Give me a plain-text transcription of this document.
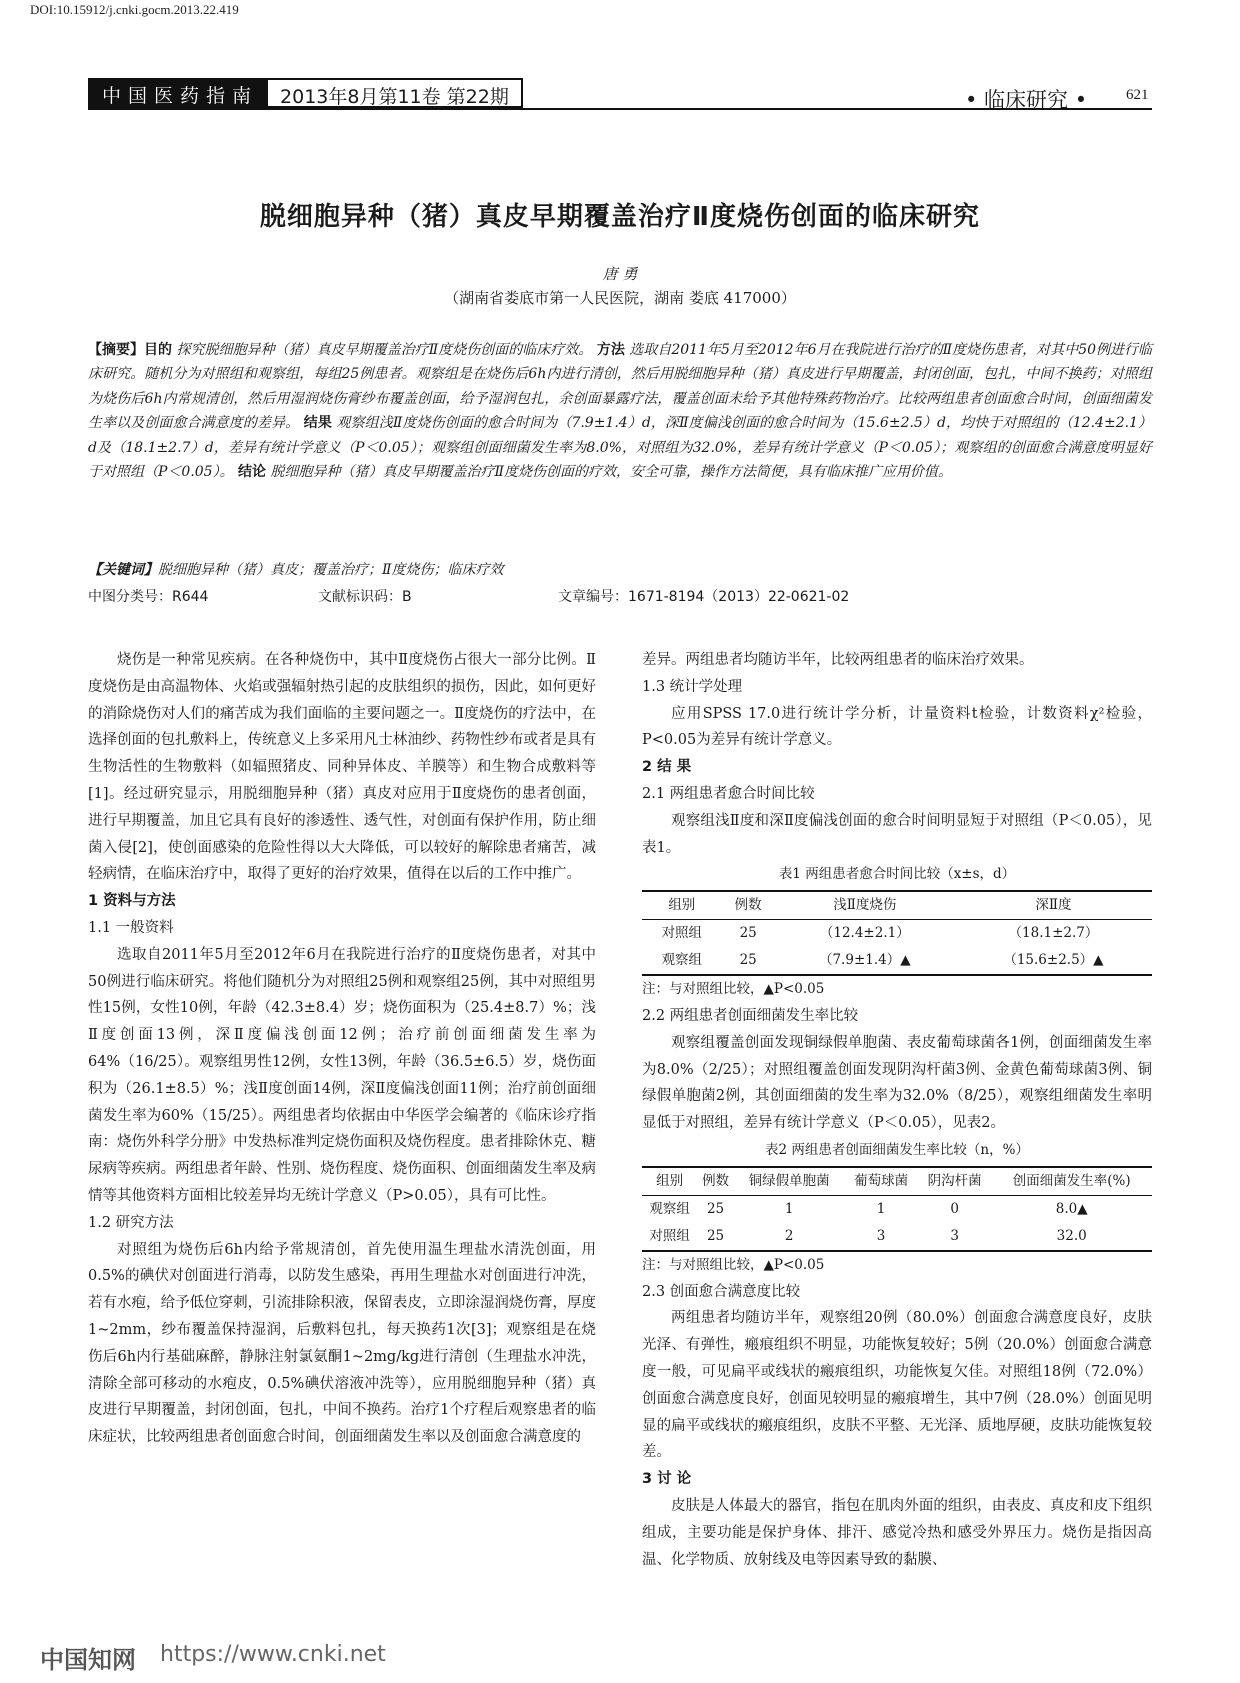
DOI:10.15912/j.cnki.gocm.2013.22.419
中国医药指南	2013年8月第11卷 第22期	• 临床研究 •	621
脱细胞异种（猪）真皮早期覆盖治疗Ⅱ度烧伤创面的临床研究
唐 勇
（湖南省娄底市第一人民医院，湖南 娄底 417000）
【摘要】目的 探究脱细胞异种（猪）真皮早期覆盖治疗Ⅱ度烧伤创面的临床疗效。 方法 选取自2011年5月至2012年6月在我院进行治疗的Ⅱ度烧伤患者，对其中50例进行临床研究。随机分为对照组和观察组，每组25例患者。观察组是在烧伤后6h内进行清创，然后用脱细胞异种（猪）真皮进行早期覆盖，封闭创面，包扎，中间不换药；对照组为烧伤后6h内常规清创，然后用湿润烧伤膏纱布覆盖创面，给予湿润包扎，余创面暴露疗法，覆盖创面未给予其他特殊药物治疗。比较两组患者创面愈合时间，创面细菌发生率以及创面愈合满意度的差异。 结果 观察组浅Ⅱ度烧伤创面的愈合时间为（7.9±1.4）d，深Ⅱ度偏浅创面的愈合时间为（15.6±2.5）d，均快于对照组的（12.4±2.1）d及（18.1±2.7）d，差异有统计学意义（P＜0.05）；观察组创面细菌发生率为8.0%，对照组为32.0%，差异有统计学意义（P＜0.05）；观察组的创面愈合满意度明显好于对照组（P＜0.05）。 结论 脱细胞异种（猪）真皮早期覆盖治疗Ⅱ度烧伤创面的疗效，安全可靠，操作方法简便，具有临床推广应用价值。
【关键词】脱细胞异种（猪）真皮；覆盖治疗；Ⅱ度烧伤；临床疗效
中图分类号：R644	文献标识码：B	文章编号：1671-8194（2013）22-0621-02

烧伤是一种常见疾病。在各种烧伤中，其中Ⅱ度烧伤占很大一部分比例。Ⅱ度烧伤是由高温物体、火焰或强辐射热引起的皮肤组织的损伤，因此，如何更好的消除烧伤对人们的痛苦成为我们面临的主要问题之一。Ⅱ度烧伤的疗法中，在选择创面的包扎敷料上，传统意义上多采用凡士林油纱、药物性纱布或者是具有生物活性的生物敷料（如辐照猪皮、同种异体皮、羊膜等）和生物合成敷料等[1]。经过研究显示，用脱细胞异种（猪）真皮对应用于Ⅱ度烧伤的患者创面，进行早期覆盖，加且它具有良好的渗透性、透气性，对创面有保护作用，防止细菌入侵[2]，使创面感染的危险性得以大大降低，可以较好的解除患者痛苦，减轻病情，在临床治疗中，取得了更好的治疗效果，值得在以后的工作中推广。

1 资料与方法

1.1 一般资料

选取自2011年5月至2012年6月在我院进行治疗的Ⅱ度烧伤患者，对其中50例进行临床研究。将他们随机分为对照组25例和观察组25例，其中对照组男性15例，女性10例，年龄（42.3±8.4）岁；烧伤面积为（25.4±8.7）%；浅Ⅱ度创面13例，深Ⅱ度偏浅创面12例；治疗前创面细菌发生率为64%（16/25）。观察组男性12例，女性13例，年龄（36.5±6.5）岁，烧伤面积为（26.1±8.5）%；浅Ⅱ度创面14例，深Ⅱ度偏浅创面11例；治疗前创面细菌发生率为60%（15/25）。两组患者均依据由中华医学会编著的《临床诊疗指南：烧伤外科学分册》中发热标准判定烧伤面积及烧伤程度。患者排除休克、糖尿病等疾病。两组患者年龄、性别、烧伤程度、烧伤面积、创面细菌发生率及病情等其他资料方面相比较差异均无统计学意义（P>0.05），具有可比性。

1.2 研究方法

对照组为烧伤后6h内给予常规清创，首先使用温生理盐水清洗创面，用0.5%的碘伏对创面进行消毒，以防发生感染，再用生理盐水对创面进行冲洗，若有水疱，给予低位穿刺，引流排除积液，保留表皮，立即涂湿润烧伤膏，厚度1~2mm，纱布覆盖保持湿润，后敷料包扎，每天换药1次[3]；观察组是在烧伤后6h内行基础麻醉，静脉注射氯氨酮1~2mg/kg进行清创（生理盐水冲洗，清除全部可移动的水疱皮，0.5%碘伏溶液冲洗等），应用脱细胞异种（猪）真皮进行早期覆盖，封闭创面，包扎，中间不换药。治疗1个疗程后观察患者的临床症状，比较两组患者创面愈合时间，创面细菌发生率以及创面愈合满意度的

差异。两组患者均随访半年，比较两组患者的临床治疗效果。

1.3 统计学处理

应用SPSS 17.0进行统计学分析，计量资料t检验，计数资料χ²检验，P<0.05为差异有统计学意义。

2 结 果

2.1 两组患者愈合时间比较

观察组浅Ⅱ度和深Ⅱ度偏浅创面的愈合时间明显短于对照组（P＜0.05），见表1。

表1 两组患者愈合时间比较（x±s，d）

组别	例数	浅Ⅱ度烧伤	深Ⅱ度
对照组	25	（12.4±2.1）	（18.1±2.7）
观察组	25	（7.9±1.4）▲	（15.6±2.5）▲

注：与对照组比较，▲P<0.05

2.2 两组患者创面细菌发生率比较

观察组覆盖创面发现铜绿假单胞菌、表皮葡萄球菌各1例，创面细菌发生率为8.0%（2/25）；对照组覆盖创面发现阴沟杆菌3例、金黄色葡萄球菌3例、铜绿假单胞菌2例，其创面细菌的发生率为32.0%（8/25），观察组细菌发生率明显低于对照组，差异有统计学意义（P＜0.05），见表2。

表2 两组患者创面细菌发生率比较（n，%）

组别	例数	铜绿假单胞菌	葡萄球菌	阴沟杆菌	创面细菌发生率(%)
观察组	25	1	1	0	8.0▲
对照组	25	2	3	3	32.0

注：与对照组比较，▲P<0.05

2.3 创面愈合满意度比较

两组患者均随访半年，观察组20例（80.0%）创面愈合满意度良好，皮肤光泽、有弹性，瘢痕组织不明显，功能恢复较好；5例（20.0%）创面愈合满意度一般，可见扁平或线状的瘢痕组织，功能恢复欠佳。对照组18例（72.0%）创面愈合满意度良好，创面见较明显的瘢痕增生，其中7例（28.0%）创面见明显的扁平或线状的瘢痕组织，皮肤不平整、无光泽、质地厚硬，皮肤功能恢复较差。

3 讨 论

皮肤是人体最大的器官，指包在肌肉外面的组织，由表皮、真皮和皮下组织组成，主要功能是保护身体、排汗、感觉冷热和感受外界压力。烧伤是指因高温、化学物质、放射线及电等因素导致的黏膜、

中国知网 https://www.cnki.net
